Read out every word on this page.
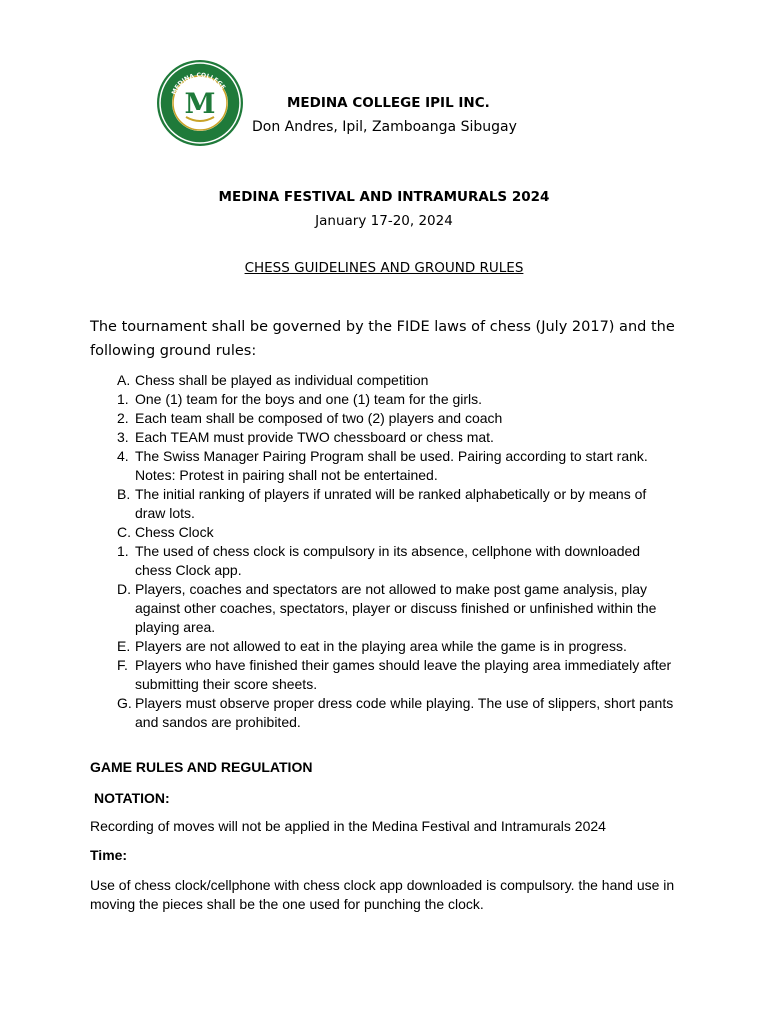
MEDINA COLLEGE
M	MEDINA COLLEGE IPIL INC.
Don Andres, Ipil, Zamboanga Sibugay
MEDINA FESTIVAL AND INTRAMURALS 2024
January 17-20, 2024
CHESS GUIDELINES AND GROUND RULES
The tournament shall be governed by the FIDE laws of chess (July 2017) and the following ground rules:
A. Chess shall be played as individual competition
1. One (1) team for the boys and one (1) team for the girls.
2. Each team shall be composed of two (2) players and coach
3. Each TEAM must provide TWO chessboard or chess mat.
4. The Swiss Manager Pairing Program shall be used. Pairing according to start rank.
Notes: Protest in pairing shall not be entertained.
B. The initial ranking of players if unrated will be ranked alphabetically or by means of draw lots.
C. Chess Clock
1. The used of chess clock is compulsory in its absence, cellphone with downloaded chess Clock app.
D. Players, coaches and spectators are not allowed to make post game analysis, play against other coaches, spectators, player or discuss finished or unfinished within the playing area.
E. Players are not allowed to eat in the playing area while the game is in progress.
F. Players who have finished their games should leave the playing area immediately after submitting their score sheets.
G. Players must observe proper dress code while playing. The use of slippers, short pants and sandos are prohibited.
GAME RULES AND REGULATION
NOTATION:
Recording of moves will not be applied in the Medina Festival and Intramurals 2024
Time:
Use of chess clock/cellphone with chess clock app downloaded is compulsory. the hand use in moving the pieces shall be the one used for punching the clock.
